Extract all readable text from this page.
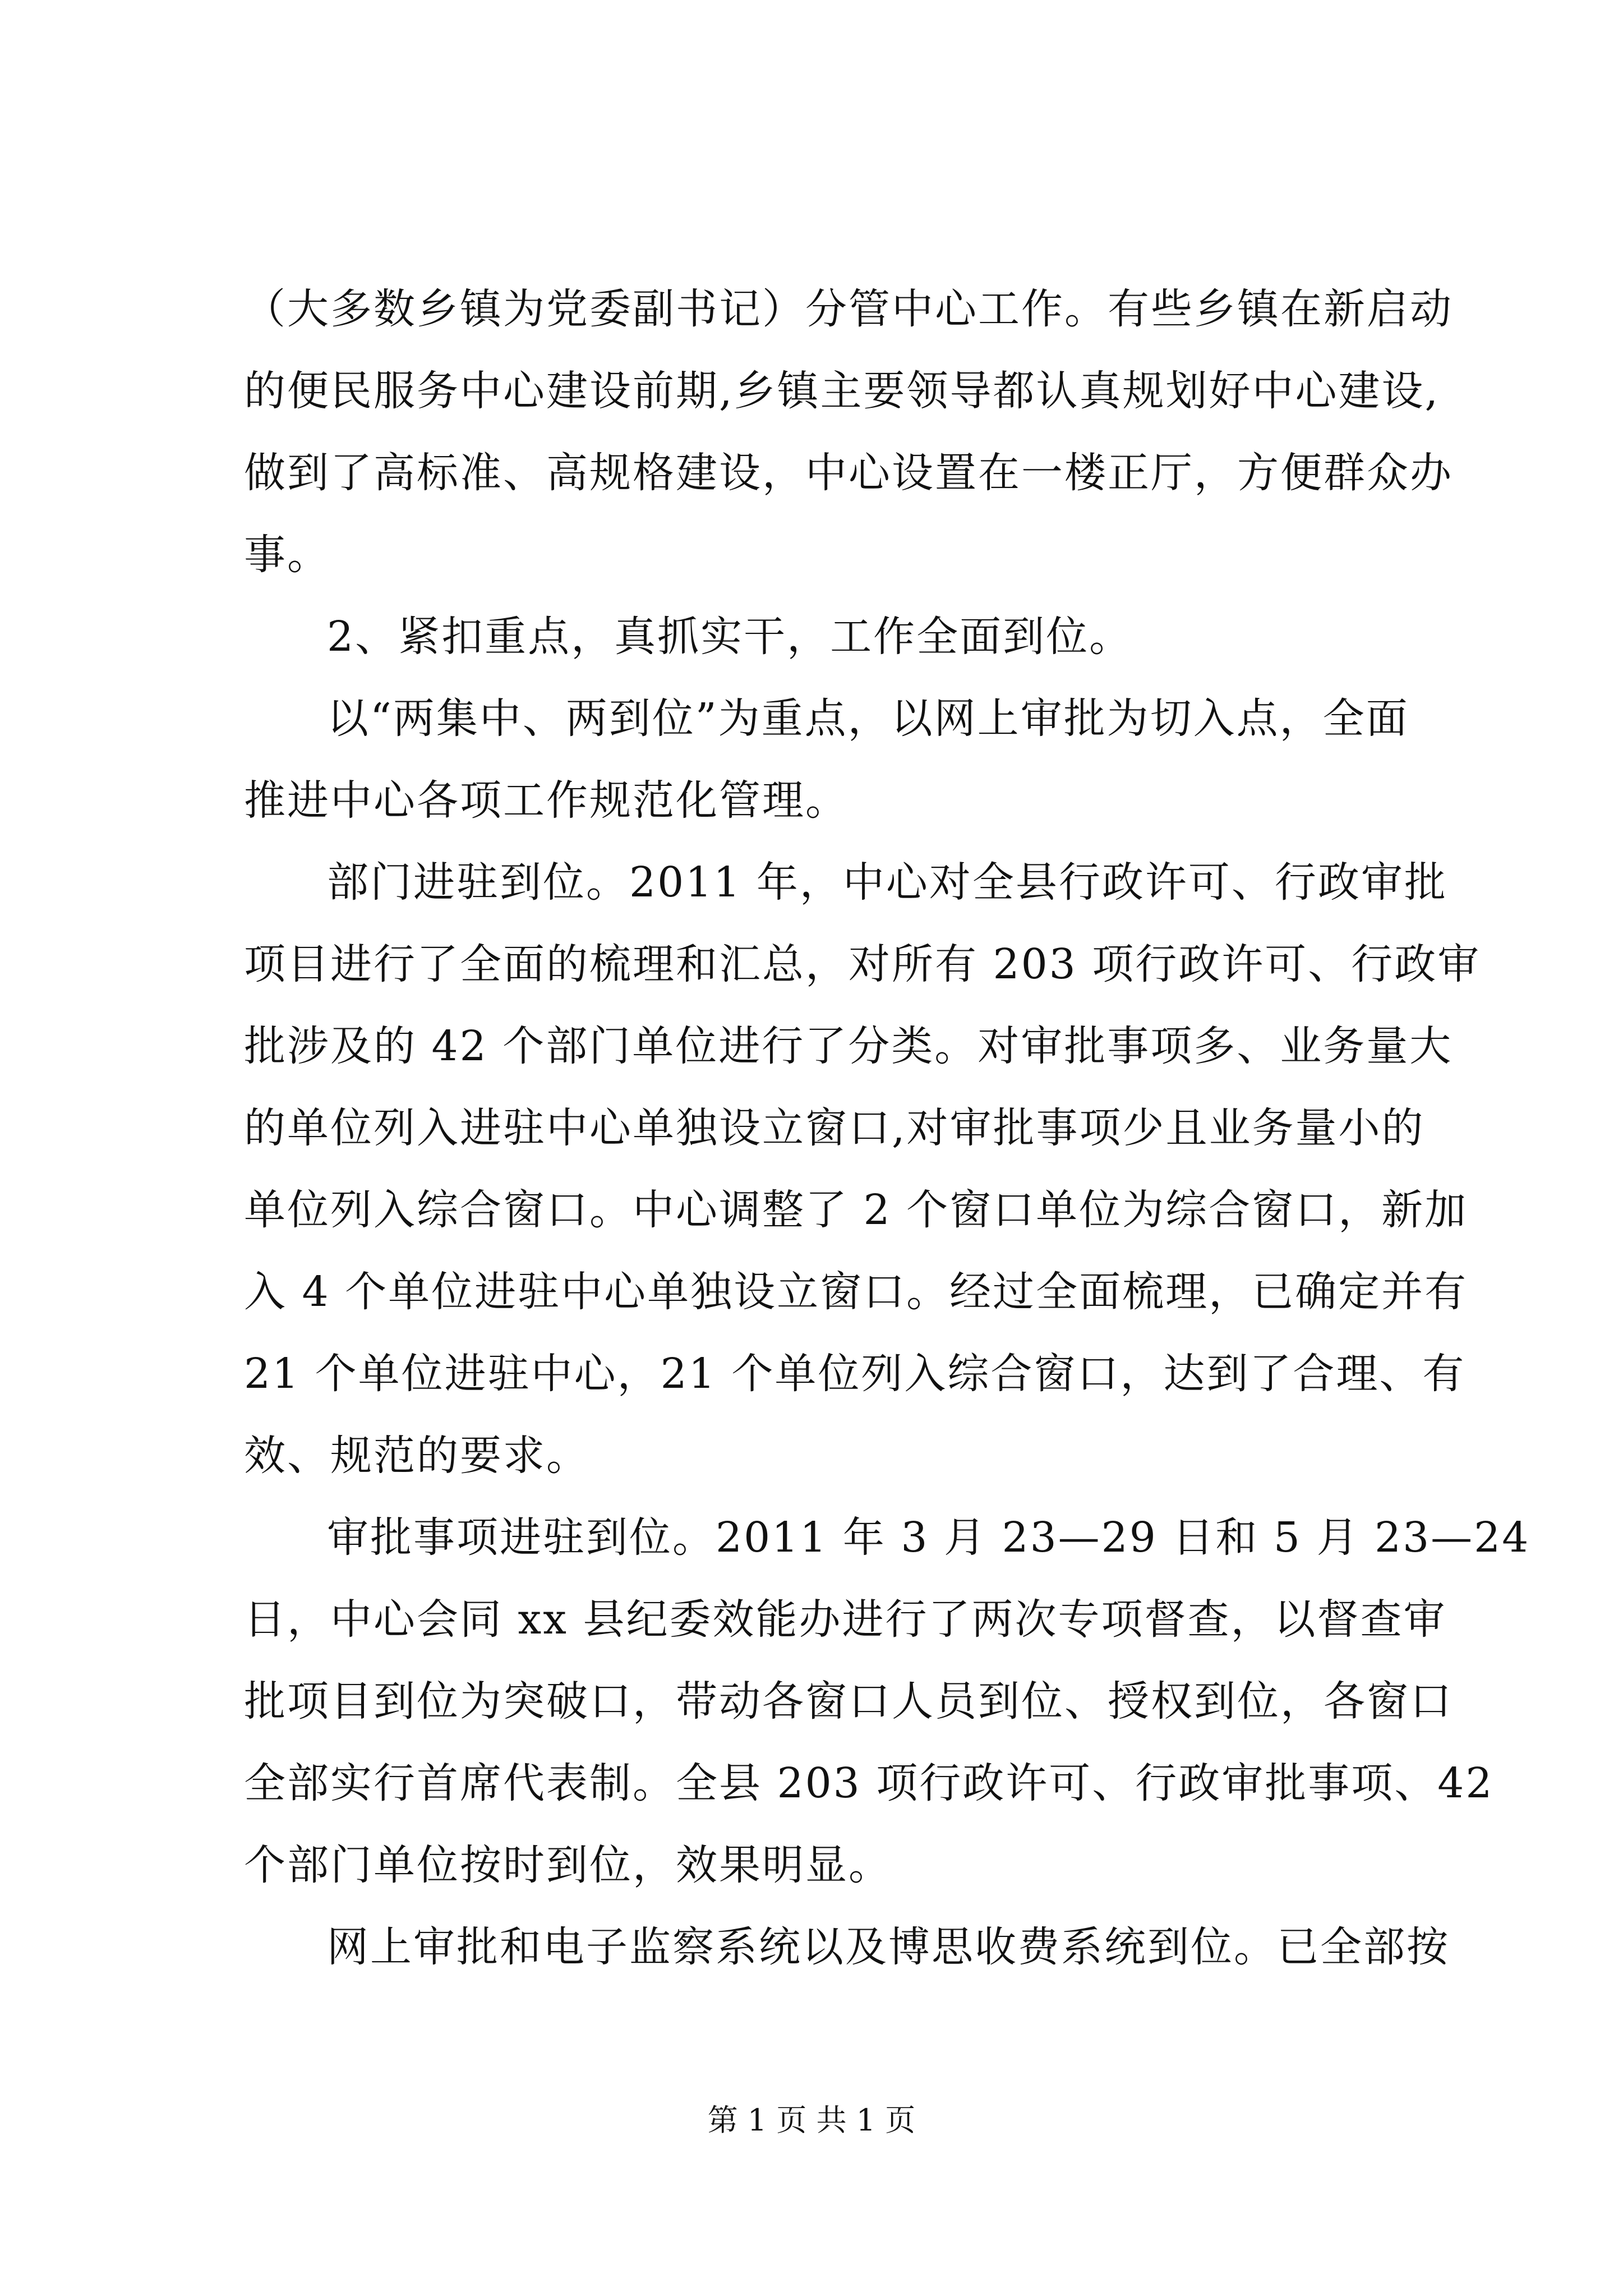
（大多数乡镇为党委副书记）分管中心工作。有些乡镇在新启动
的便民服务中心建设前期,乡镇主要领导都认真规划好中心建设,
做到了高标准、高规格建设，中心设置在一楼正厅，方便群众办
事。
2、紧扣重点，真抓实干，工作全面到位。
以“两集中、两到位”为重点，以网上审批为切入点，全面
推进中心各项工作规范化管理。
部门进驻到位。2011 年，中心对全县行政许可、行政审批
项目进行了全面的梳理和汇总，对所有 203 项行政许可、行政审
批涉及的 42 个部门单位进行了分类。对审批事项多、业务量大
的单位列入进驻中心单独设立窗口,对审批事项少且业务量小的
单位列入综合窗口。中心调整了 2 个窗口单位为综合窗口，新加
入 4 个单位进驻中心单独设立窗口。经过全面梳理，已确定并有
21 个单位进驻中心，21 个单位列入综合窗口，达到了合理、有
效、规范的要求。
审批事项进驻到位。2011 年 3 月 23—29 日和 5 月 23—24
日，中心会同 xx 县纪委效能办进行了两次专项督查，以督查审
批项目到位为突破口，带动各窗口人员到位、授权到位，各窗口
全部实行首席代表制。全县 203 项行政许可、行政审批事项、42
个部门单位按时到位，效果明显。
网上审批和电子监察系统以及博思收费系统到位。已全部按
第 1 页 共 1 页
